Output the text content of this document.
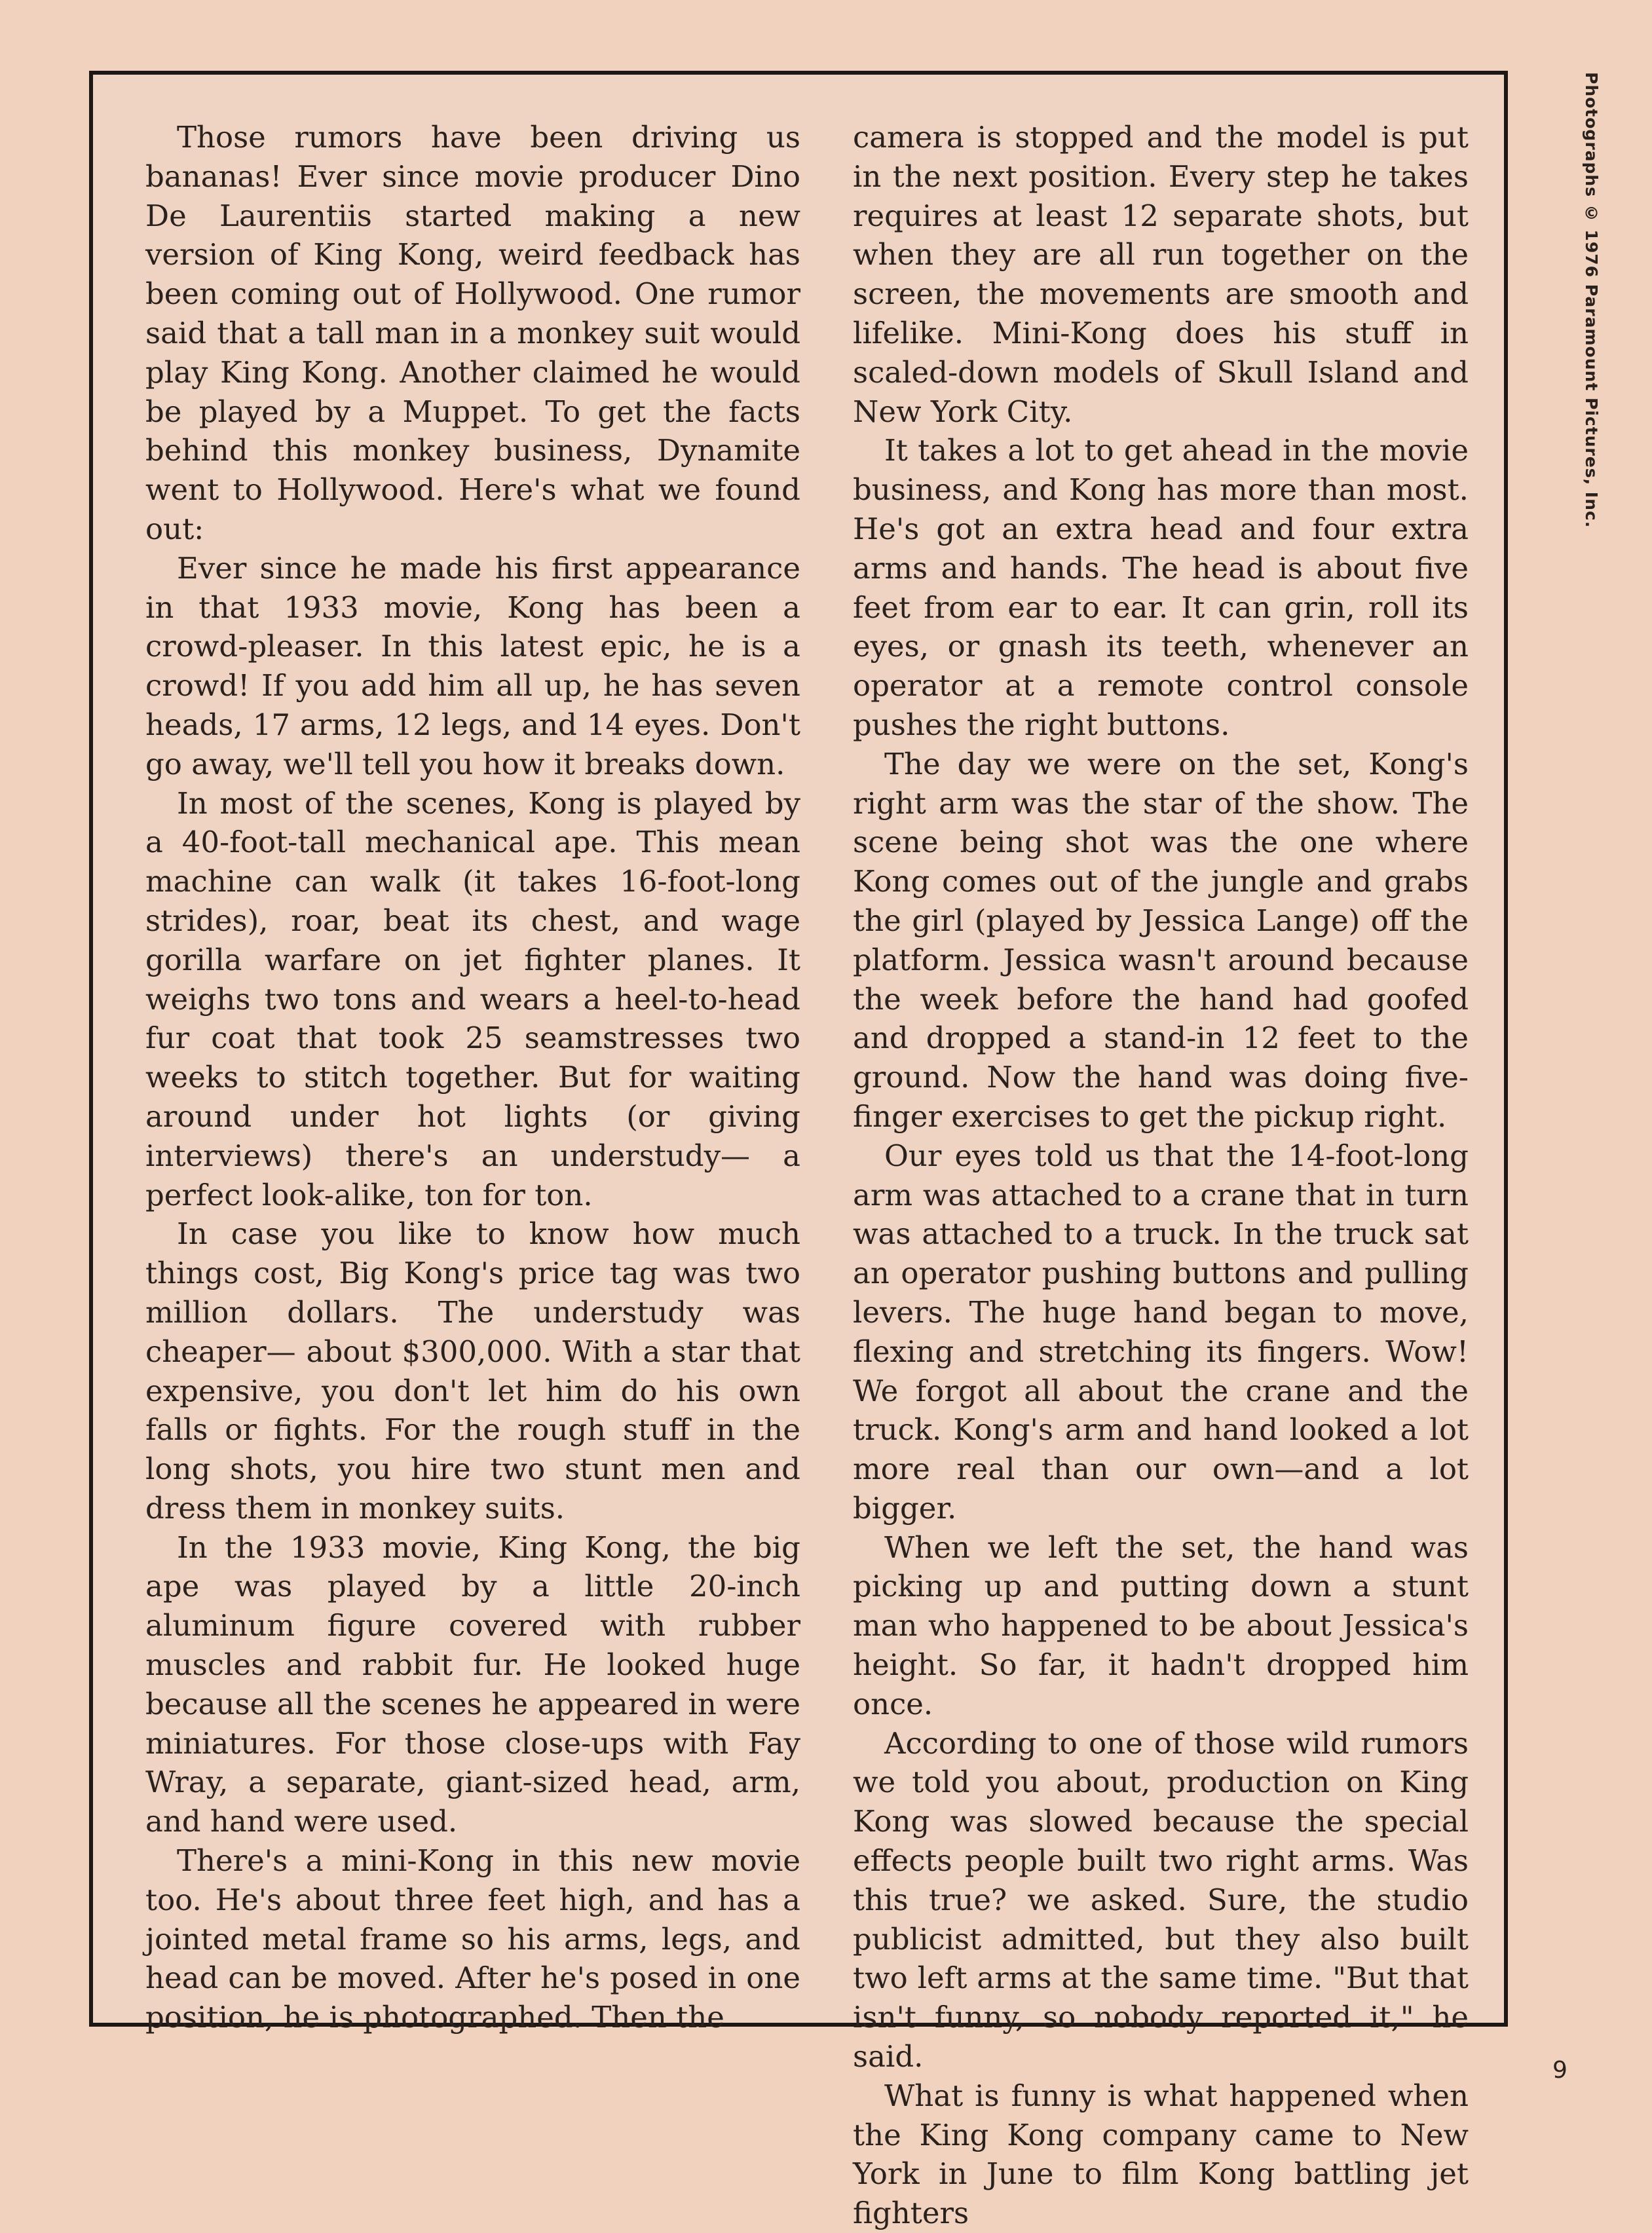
Those rumors have been driving us bananas! Ever since movie producer Dino De Laurentiis started making a new version of King Kong, weird feedback has been coming out of Hollywood. One rumor said that a tall man in a monkey suit would play King Kong. Another claimed he would be played by a Muppet. To get the facts behind this monkey business, Dynamite went to Hollywood. Here's what we found out:

Ever since he made his first appearance in that 1933 movie, Kong has been a crowd-pleaser. In this latest epic, he is a crowd! If you add him all up, he has seven heads, 17 arms, 12 legs, and 14 eyes. Don't go away, we'll tell you how it breaks down.

In most of the scenes, Kong is played by a 40-foot-tall mechanical ape. This mean machine can walk (it takes 16-foot-long strides), roar, beat its chest, and wage gorilla warfare on jet fighter planes. It weighs two tons and wears a heel-to-head fur coat that took 25 seamstresses two weeks to stitch together. But for waiting around under hot lights (or giving interviews) there's an understudy— a perfect look-alike, ton for ton.

In case you like to know how much things cost, Big Kong's price tag was two million dollars. The understudy was cheaper— about $300,000. With a star that expensive, you don't let him do his own falls or fights. For the rough stuff in the long shots, you hire two stunt men and dress them in monkey suits.

In the 1933 movie, King Kong, the big ape was played by a little 20-inch aluminum figure covered with rubber muscles and rabbit fur. He looked huge because all the scenes he appeared in were miniatures. For those close-ups with Fay Wray, a separate, giant-sized head, arm, and hand were used.

There's a mini-Kong in this new movie too. He's about three feet high, and has a jointed metal frame so his arms, legs, and head can be moved. After he's posed in one position, he is photographed. Then the

camera is stopped and the model is put in the next position. Every step he takes requires at least 12 separate shots, but when they are all run together on the screen, the movements are smooth and lifelike. Mini-Kong does his stuff in scaled-down models of Skull Island and New York City.

It takes a lot to get ahead in the movie business, and Kong has more than most. He's got an extra head and four extra arms and hands. The head is about five feet from ear to ear. It can grin, roll its eyes, or gnash its teeth, whenever an operator at a remote control console pushes the right buttons.

The day we were on the set, Kong's right arm was the star of the show. The scene being shot was the one where Kong comes out of the jungle and grabs the girl (played by Jessica Lange) off the platform. Jessica wasn't around because the week before the hand had goofed and dropped a stand-in 12 feet to the ground. Now the hand was doing five-finger exercises to get the pickup right.

Our eyes told us that the 14-foot-long arm was attached to a crane that in turn was attached to a truck. In the truck sat an operator pushing buttons and pulling levers. The huge hand began to move, flexing and stretching its fingers. Wow! We forgot all about the crane and the truck. Kong's arm and hand looked a lot more real than our own—and a lot bigger.

When we left the set, the hand was picking up and putting down a stunt man who happened to be about Jessica's height. So far, it hadn't dropped him once.

According to one of those wild rumors we told you about, production on King Kong was slowed because the special effects people built two right arms. Was this true? we asked. Sure, the studio publicist admitted, but they also built two left arms at the same time. "But that isn't funny, so nobody reported it," he said.

What is funny is what happened when the King Kong company came to New York in June to film Kong battling jet fighters

Photographs © 1976 Paramount Pictures, Inc.
9
